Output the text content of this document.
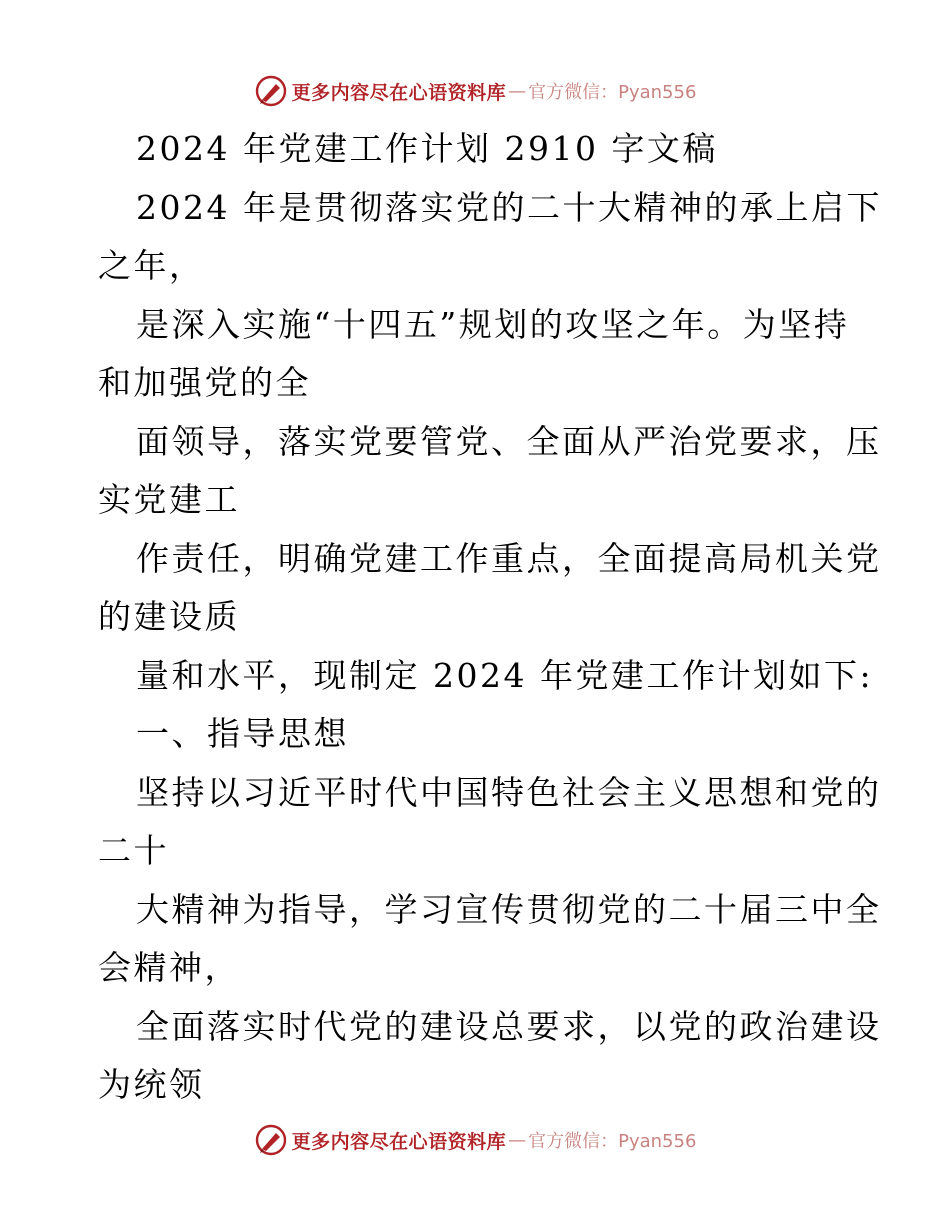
更多内容尽在心语资料库 — 官方微信：Pyan556
2024 年党建工作计划 2910 字文稿
2024 年是贯彻落实党的二十大精神的承上启下
之年，
是深入实施“十四五”规划的攻坚之年。为坚持
和加强党的全
面领导，落实党要管党、全面从严治党要求，压
实党建工
作责任，明确党建工作重点，全面提高局机关党
的建设质
量和水平，现制定 2024 年党建工作计划如下:
一、指导思想
坚持以习近平时代中国特色社会主义思想和党的
二十
大精神为指导，学习宣传贯彻党的二十届三中全
会精神，
全面落实时代党的建设总要求，以党的政治建设
为统领
更多内容尽在心语资料库 — 官方微信：Pyan556
